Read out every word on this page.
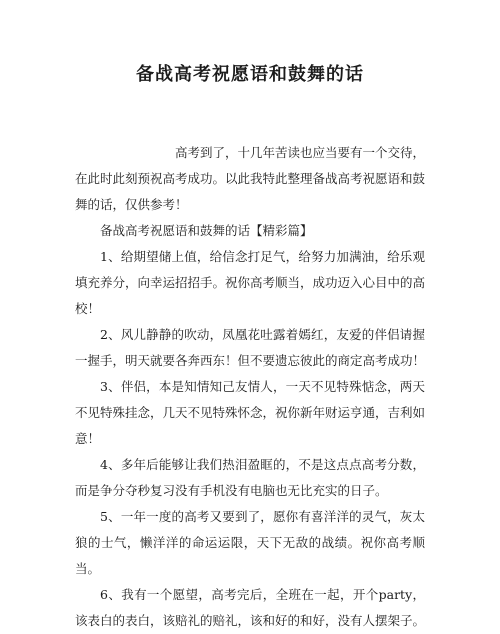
备战高考祝愿语和鼓舞的话

高考到了，十几年苦读也应当要有一个交待，在此时此刻预祝高考成功。以此我特此整理备战高考祝愿语和鼓舞的话，仅供参考！

备战高考祝愿语和鼓舞的话【精彩篇】

1、给期望储上值，给信念打足气，给努力加满油，给乐观填充养分，向幸运招招手。祝你高考顺当，成功迈入心目中的高校！

2、风儿静静的吹动，凤凰花吐露着嫣红，友爱的伴侣请握一握手，明天就要各奔西东！但不要遗忘彼此的商定高考成功！

3、伴侣，本是知情知己友情人，一天不见特殊惦念，两天不见特殊挂念，几天不见特殊怀念，祝你新年财运亨通，吉利如意！

4、多年后能够让我们热泪盈眶的，不是这点点高考分数，而是争分夺秒复习没有手机没有电脑也无比充实的日子。

5、一年一度的高考又要到了，愿你有喜洋洋的灵气，灰太狼的士气，懒洋洋的命运运限，天下无敌的战绩。祝你高考顺当。

6、我有一个愿望，高考完后，全班在一起，开个party，该表白的表白，该赔礼的赔礼，该和好的和好，没有人摆架子。
